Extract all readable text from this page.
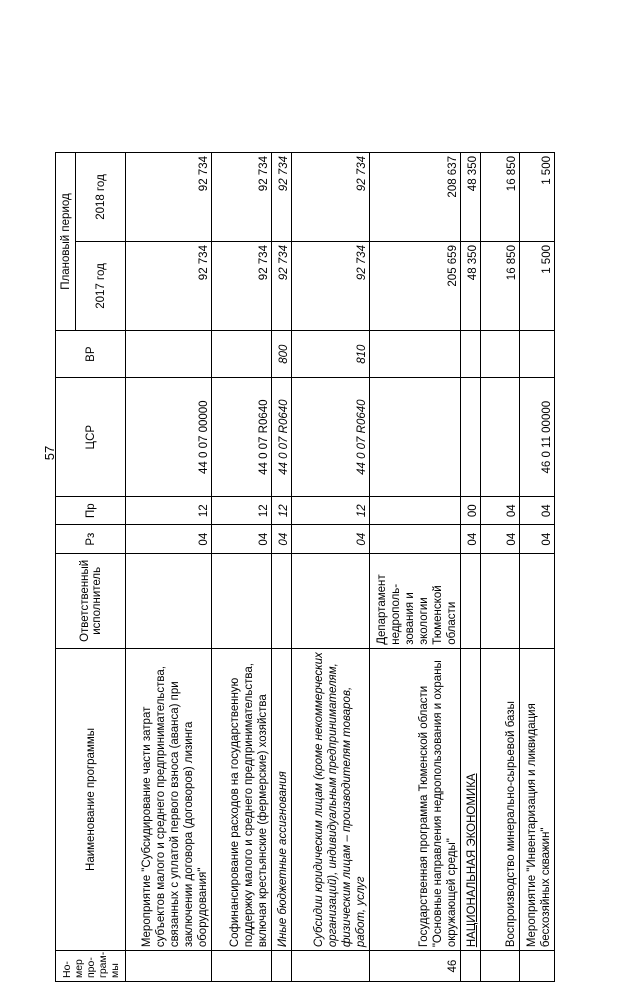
57
Но-мер про-грам-мы	Наименование программы	Ответственный исполнитель	Рз	Пр	ЦСР	ВР	Плановый период	
							2017 год	2018 год
	Мероприятие "Субсидирование части затрат субъектов малого и среднего предпринимательства, связанных с уплатой первого взноса (аванса) при заключении договора (договоров) лизинга оборудования"		04	12	44 0 07 00000		92 734	92 734
	Софинансирование расходов на государственную поддержку малого и среднего предпринимательства, включая крестьянские (фермерские) хозяйства		04	12	44 0 07 R0640		92 734	92 734
	Иные бюджетные ассигнования		04	12	44 0 07 R0640	800	92 734	92 734
	Субсидии юридическим лицам (кроме некоммерческих организаций), индивидуальным предпринимателям, физическим лицам – производителям товаров, работ, услуг		04	12	44 0 07 R0640	810	92 734	92 734
46	Государственная программа Тюменской области "Основные направления недропользования и охраны окружающей среды"	Департамент недрополь-зования и экологии Тюменской области					205 659	208 637
	НАЦИОНАЛЬНАЯ ЭКОНОМИКА		04	00			48 350	48 350
	Воспроизводство минерально-сырьевой базы		04	04			16 850	16 850
	Мероприятие "Инвентаризация и ликвидация бесхозяйных скважин"		04	04	46 0 11 00000		1 500	1 500
